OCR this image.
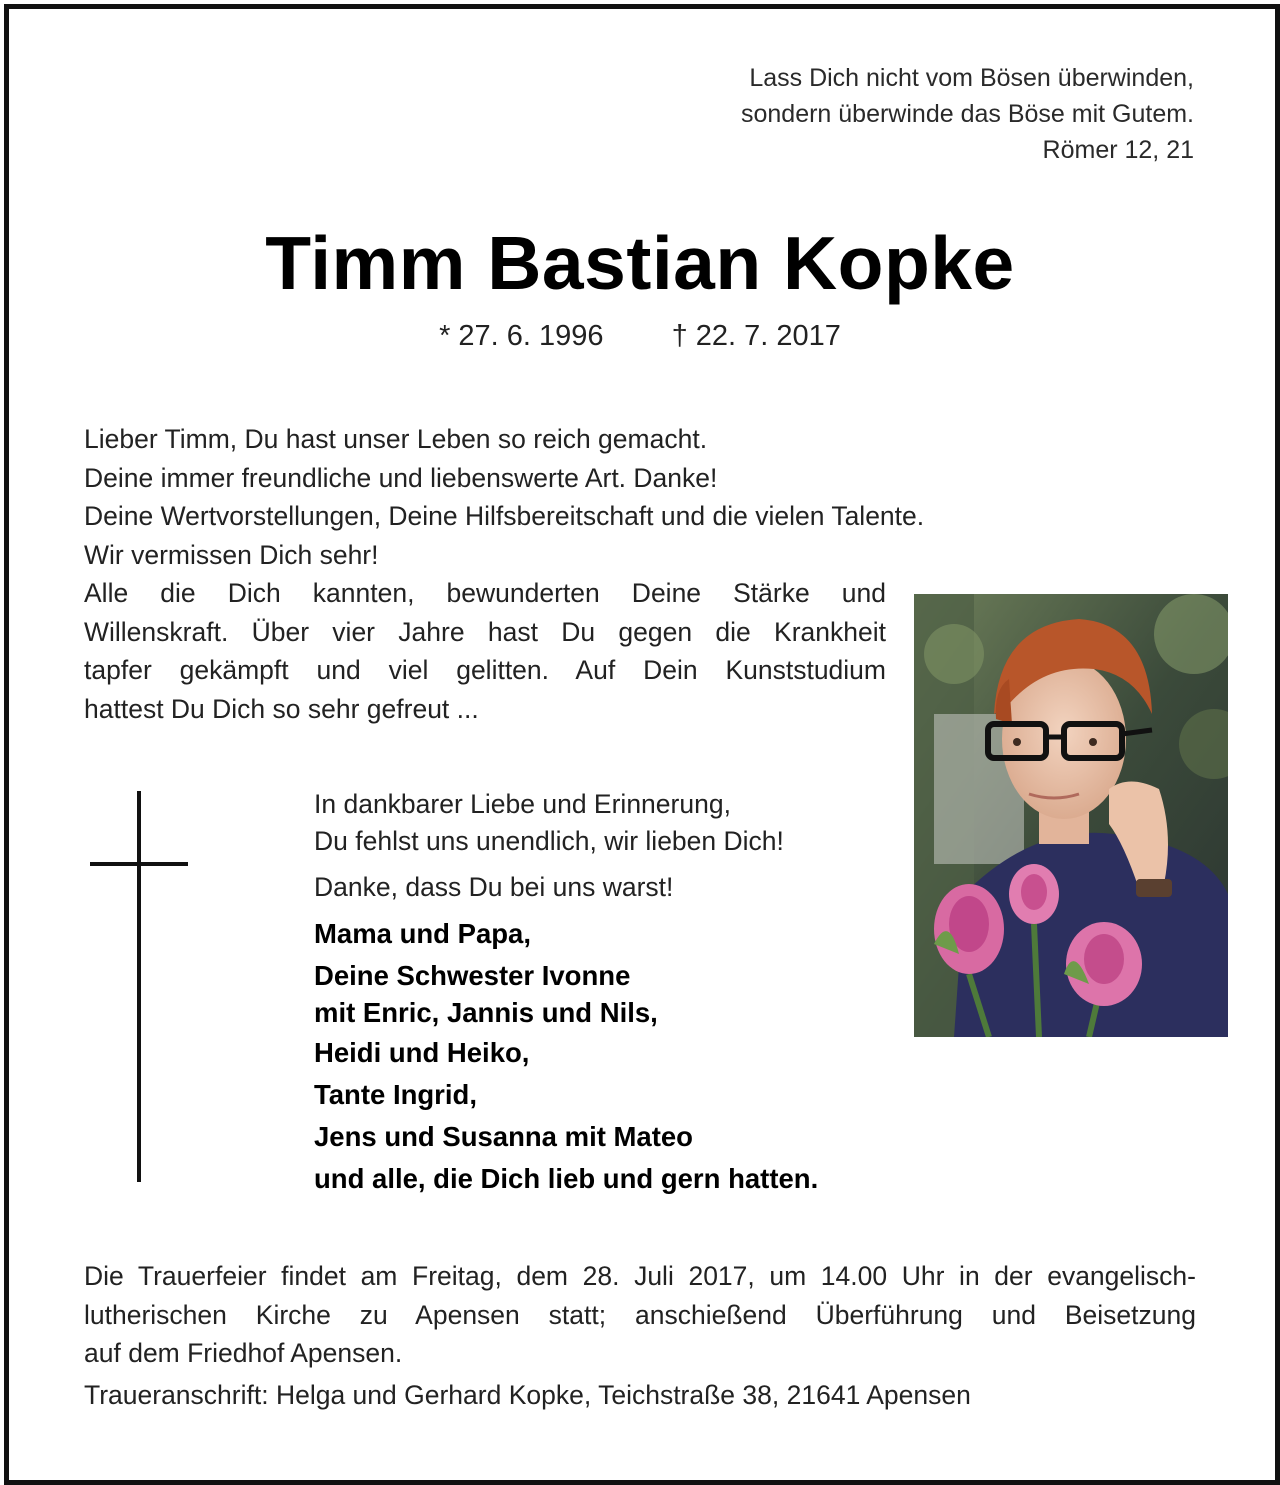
Lass Dich nicht vom Bösen überwinden,
sondern überwinde das Böse mit Gutem.
Römer 12, 21
Timm Bastian Kopke
* 27. 6. 1996 † 22. 7. 2017
Lieber Timm, Du hast unser Leben so reich gemacht.
Deine immer freundliche und liebenswerte Art. Danke!
Deine Wertvorstellungen, Deine Hilfsbereitschaft und die vielen Talente.
Wir vermissen Dich sehr!
Alle die Dich kannten, bewunderten Deine Stärke und
Willenskraft. Über vier Jahre hast Du gegen die Krankheit
tapfer gekämpft und viel gelitten. Auf Dein Kunststudium
hattest Du Dich so sehr gefreut ...
In dankbarer Liebe und Erinnerung,
Du fehlst uns unendlich, wir lieben Dich!
Danke, dass Du bei uns warst!
Mama und Papa,
Deine Schwester Ivonne
mit Enric, Jannis und Nils,
Heidi und Heiko,
Tante Ingrid,
Jens und Susanna mit Mateo
und alle, die Dich lieb und gern hatten.
Die Trauerfeier findet am Freitag, dem 28. Juli 2017, um 14.00 Uhr in der evangelisch-
lutherischen Kirche zu Apensen statt; anschießend Überführung und Beisetzung
auf dem Friedhof Apensen.
Traueranschrift: Helga und Gerhard Kopke, Teichstraße 38, 21641 Apensen
